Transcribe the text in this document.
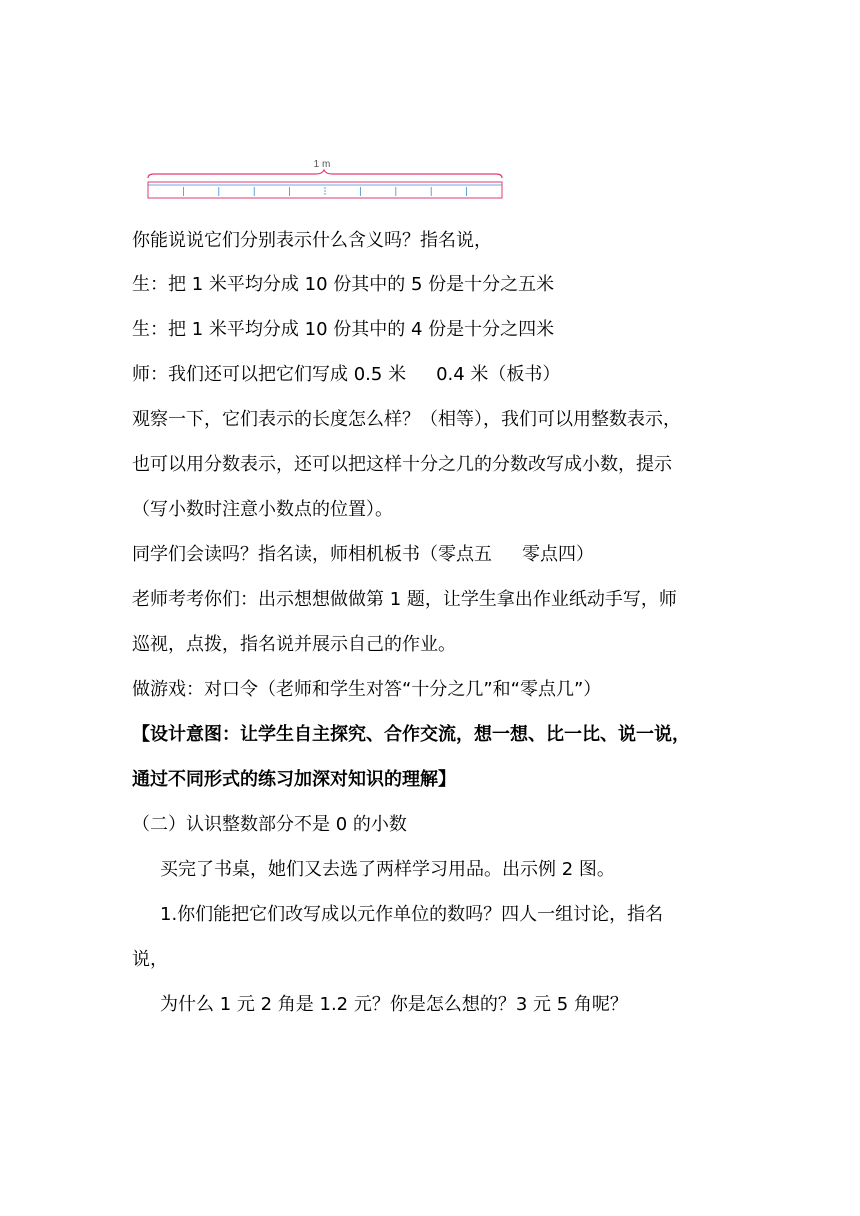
1 m
你能说说它们分别表示什么含义吗？指名说，
生：把 1 米平均分成 10 份其中的 5 份是十分之五米
生：把 1 米平均分成 10 份其中的 4 份是十分之四米
师：我们还可以把它们写成 0.5 米 0.4 米（板书）
观察一下，它们表示的长度怎么样？（相等），我们可以用整数表示，
也可以用分数表示，还可以把这样十分之几的分数改写成小数，提示
（写小数时注意小数点的位置）。
同学们会读吗？指名读，师相机板书（零点五 零点四）
老师考考你们：出示想想做做第 1 题，让学生拿出作业纸动手写，师
巡视，点拨，指名说并展示自己的作业。
做游戏：对口令（老师和学生对答“十分之几”和“零点几”）
【设计意图：让学生自主探究、合作交流，想一想、比一比、说一说，
通过不同形式的练习加深对知识的理解】
（二）认识整数部分不是 0 的小数
买完了书桌，她们又去选了两样学习用品。出示例 2 图。
1.你们能把它们改写成以元作单位的数吗？四人一组讨论，指名
说，
为什么 1 元 2 角是 1.2 元？你是怎么想的？3 元 5 角呢？
